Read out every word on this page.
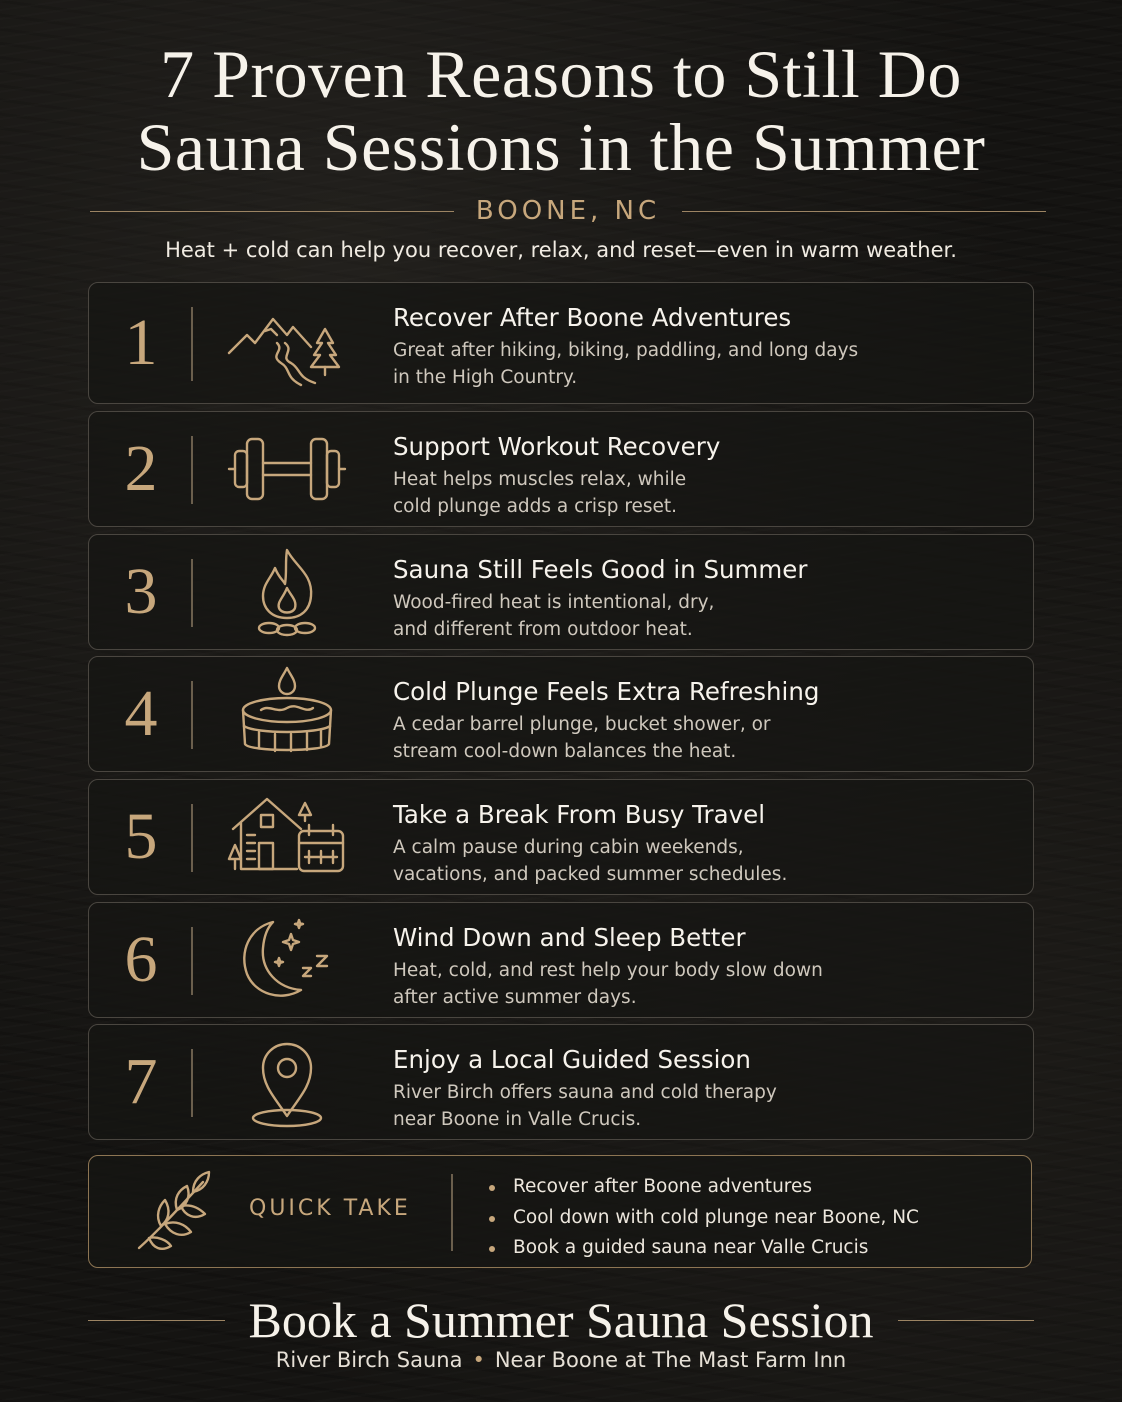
7 Proven Reasons to Still Do
Sauna Sessions in the Summer
BOONE, NC
Heat + cold can help you recover, relax, and reset—even in warm weather.
1	Recover After Boone Adventures
Great after hiking, biking, paddling, and long days
in the High Country.
2	Support Workout Recovery
Heat helps muscles relax, while
cold plunge adds a crisp reset.
3	Sauna Still Feels Good in Summer
Wood-fired heat is intentional, dry,
and different from outdoor heat.
4	Cold Plunge Feels Extra Refreshing
A cedar barrel plunge, bucket shower, or
stream cool-down balances the heat.
5	Take a Break From Busy Travel
A calm pause during cabin weekends,
vacations, and packed summer schedules.
6	Wind Down and Sleep Better
Heat, cold, and rest help your body slow down
after active summer days.
7	Enjoy a Local Guided Session
River Birch offers sauna and cold therapy
near Boone in Valle Crucis.
QUICK TAKE
Recover after Boone adventures
Cool down with cold plunge near Boone, NC
Book a guided sauna near Valle Crucis
Book a Summer Sauna Session
River Birch Sauna • Near Boone at The Mast Farm Inn
